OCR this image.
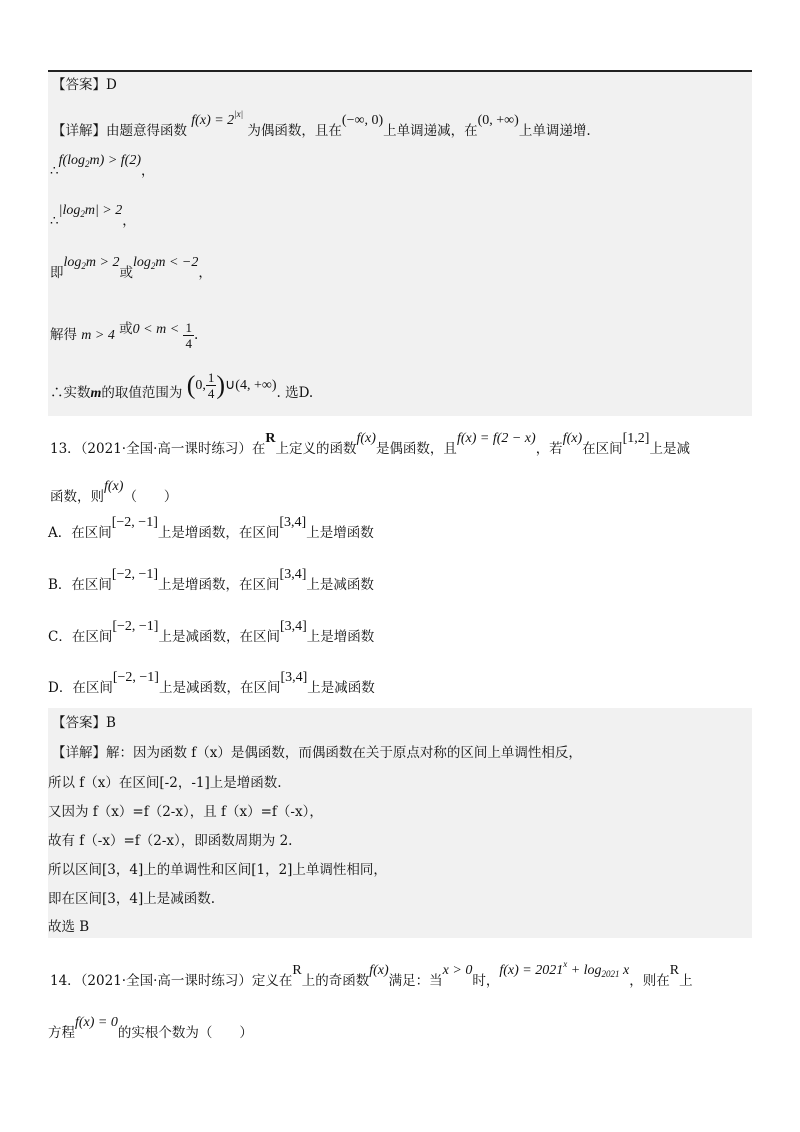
【答案】D
【详解】由题意得函数 $f(x) = 2^{|x|}$ 为偶函数，且在(−∞, 0)上单调递减，在(0, +∞)上单调递增.
$\therefore f(\log_2m) > f(2)$，
$\therefore|\log_2m| > 2$，
即$\log_2m > 2$或$\log_2m < -2$，
解得 m > 4 或$0 < m < \frac{1}{4}$ .
∴实数m的取值范围为 (0, $\frac{1}{4}$ )∪(4, +∞). 选D.
13．（2021·全国·高一课时练习）在R上定义的函数f(x)是偶函数，且f(x) = f(2 − x)，若f(x)在区间[1,2]上是减
函数，则f(x)（　　）
A．在区间[−2, −1]上是增函数，在区间[3,4]上是增函数
B．在区间[−2, −1]上是增函数，在区间[3,4]上是减函数
C．在区间[−2, −1]上是减函数，在区间[3,4]上是增函数
D．在区间[−2, −1]上是减函数，在区间[3,4]上是减函数
【答案】B
【详解】解：因为函数 f（x）是偶函数，而偶函数在关于原点对称的区间上单调性相反，
所以 f（x）在区间[-2，-1]上是增函数.
又因为 f（x）=f（2-x），且 f（x）=f（-x），
故有 f（-x）=f（2-x），即函数周期为 2.
所以区间[3，4]上的单调性和区间[1，2]上单调性相同，
即在区间[3，4]上是减函数.
故选 B
14．（2021·全国·高一课时练习）定义在R上的奇函数f(x)满足：当x > 0时，$f(x) = 2021^x + \log_{2021} x$，则在R上
方程f(x) = 0的实根个数为（　　）
